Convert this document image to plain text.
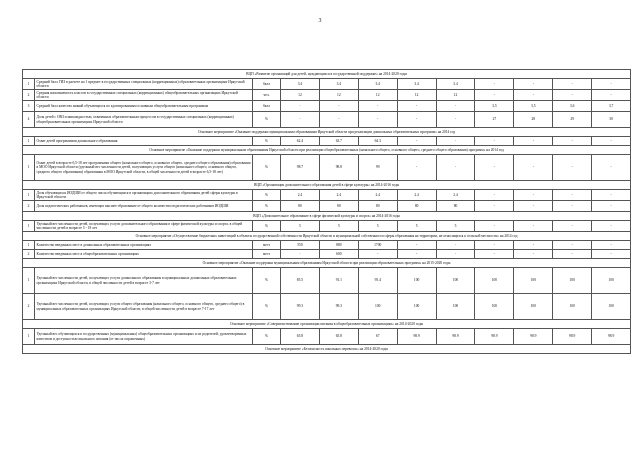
3
ВЦП «Развитие организаций для детей, нуждающихся в государственной поддержке» на 2014-2020 годы											
1	Средний балл ГИЗ в расчете на 1 предмет в государственных специальных (коррекционных) образовательных организациях Иркутской области	балл	3.4	3.4	3.4	3.4	3.4	-	-	-	-
2	Средняя наполняемость классов в государственных специальных (коррекционных) общеобразовательных организациях Иркутской области	чел.	12	12	12	12	12	-	-	-	-
3	Средний балл качества знаний обучающихся по адаптированным основным общеобразовательным программам	балл	-	-	-	-	-	3,5	3,5	3,6	3,7
4	Доля детей с ОВЗ и инвалидностью, охваченных образовательным процессом в государственных специальных (коррекционных) общеобразовательных организациях Иркутской области	%	-	-	-	-	-	27	28	29	30
Основное мероприятие «Оказание поддержки муниципальным образованиям Иркутской области при реализации дошкольных образовательных программ» на 2014 год											
1	Охват детей программами дошкольного образования	%	62.4	63.7	64.3	-	-	-	-	-	-
Основное мероприятие «Оказание поддержки муниципальным образованиям Иркутской области при реализации общеобразовательных (начального общего, основного общего, среднего общего образования) программ» на 2014 год											
1	Охват детей в возрасте 6,5-18 лет программами общего (начального общего, основного общего, среднего общего образования) образования в МОО Иркутской области (удельный вес численности детей, получающих услуги общего (начального общего, основного общего, среднего общего образования) образования в МОО Иркутской области, в общей численности детей в возрасте 6,5-18 лет)	%	98.7	98.8	99	-	-	-	-	-	-
ВЦП «Организация дополнительного образования детей в сфере культуры» на 2014-2016 годы											
1	Доля обучающихся ИОДШИ от общего числа обучающихся в организациях дополнительного образования детей сферы культуры в Иркутской области	%	2.4	2.4	2.4	2.4	2.4	-	-	-	-
2	Доля педагогических работников, имеющих высшее образование от общего количества педагогических работников ИОДШИ	%	80	80	80	80	80	-	-	-	-
ВЦП «Дополнительное образование в сфере физической культуры и спорта» на 2014-2016 годы											
1	Удельный вес численности детей, получающих услуги дополнительного образования в сфере физической культуры и спорта, в общей численности детей в возрасте 5 - 18 лет	%	5	5	5	5	5	-	-	-	-
Основное мероприятие «Осуществление бюджетных инвестиций в объекты государственной собственности Иркутской области и муниципальной собственности сферы образования на территории, не относящихся к сельской местности» на 2014 год											
1	Количество введенных мест в дошкольных образовательных организациях	мест	550	880	1700	-	-	-	-	-	-
2	Количество введенных мест в общеобразовательных организациях	мест	-	600	-	-	-	-	-	-	-
Основное мероприятие «Оказание поддержки муниципальным образованиям Иркутской области при реализации образовательных программ» на 2015-2020 годы											
1	Удельный вес численности детей, получающих услуги дошкольного образования в муниципальных дошкольных образовательных организациях Иркутской области, в общей численности детей в возрасте 3-7 лет	%	85.5	91.1	95.4	100	100	100	100	100	100
2	Удельный вес численности детей, получающих услуги общего образования (начального общего, основного общего, среднего общего) в муниципальных образовательных организациях Иркутской области, в общей численности детей в возрасте 7-17 лет	%	99.3	99.3	100	100	100	100	100	100	100
Основное мероприятие «Совершенствование организации питания в общеобразовательных организациях» на 2014-2020 годы											
1	Удельный вес обучающихся в государственных (муниципальных) общеобразовательных организациях и их родителей, удовлетворенных качеством и доступностью школьного питания (от числа опрошенных)	%	65.8	65.8	67	98.9	98.9	98.9	98.9	98.9	98.9
Основное мероприятие «Безопасность школьных перевозок» на 2014-2020 годы											
